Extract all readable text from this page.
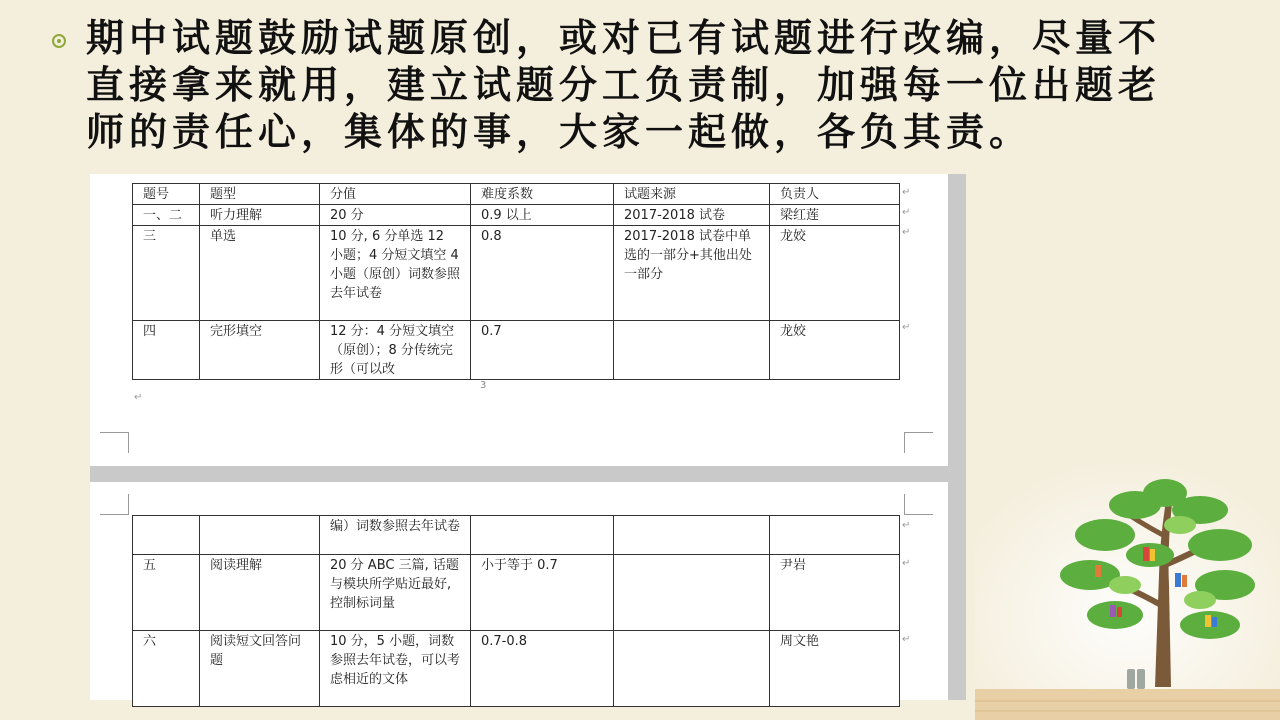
期中试题鼓励试题原创，或对已有试题进行改编，尽量不直接拿来就用，建立试题分工负责制，加强每一位出题老师的责任心，集体的事，大家一起做，各负其责。
题号	题型	分值	难度系数	试题来源	负责人
一、二	听力理解	20 分	0.9 以上	2017-2018 试卷	梁红莲
三	单选	10 分, 6 分单选 12 小题；4 分短文填空 4 小题（原创）词数参照去年试卷	0.8	2017-2018 试卷中单选的一部分+其他出处一部分	龙姣
四	完形填空	12 分：4 分短文填空（原创）；8 分传统完形（可以改	0.7		龙姣
↵
↵
↵
↵
↵
3
		编）词数参照去年试卷			
五	阅读理解	20 分 ABC 三篇, 话题与模块所学贴近最好, 控制标词量	小于等于 0.7		尹岩
六	阅读短文回答问题	10 分，5 小题，词数参照去年试卷，可以考虑相近的文体	0.7-0.8		周文艳
↵
↵
↵
